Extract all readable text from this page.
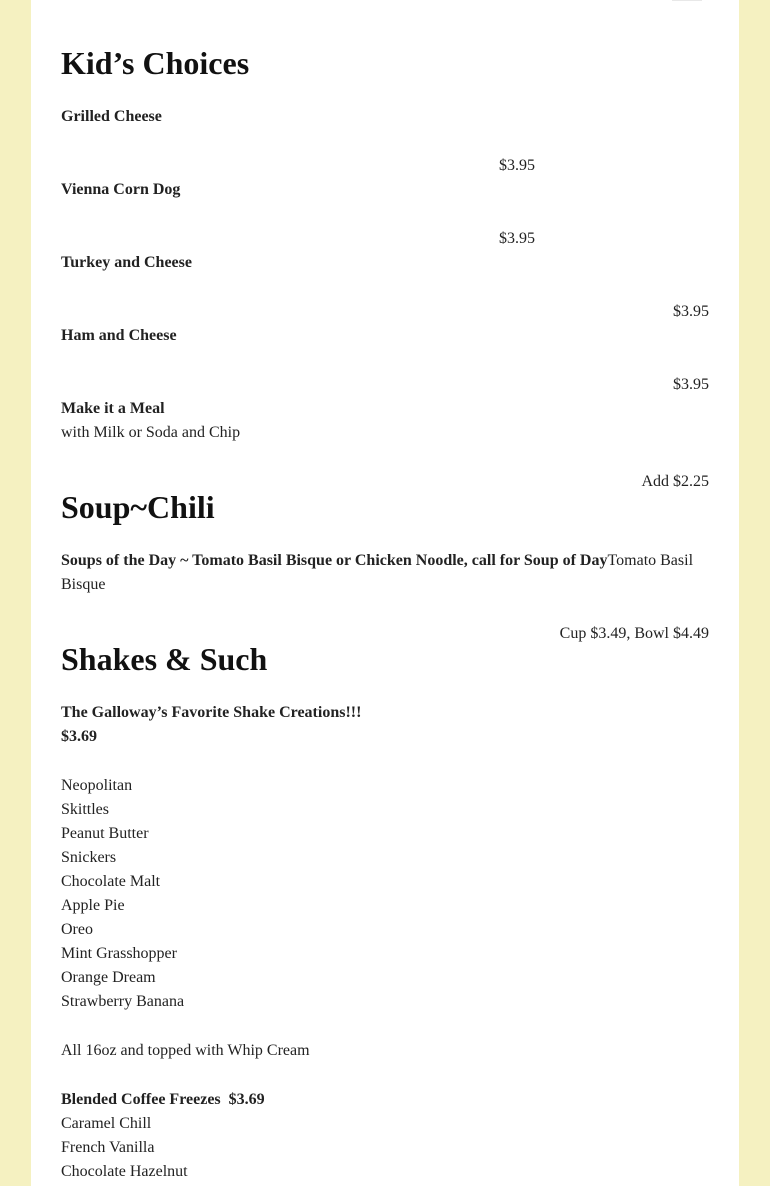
Kid’s Choices
Grilled Cheese
$3.95
Vienna Corn Dog
$3.95
Turkey and Cheese
$3.95
Ham and Cheese
$3.95
Make it a Meal
with Milk or Soda and Chip
Add $2.25
Soup~Chili
Soups of the Day ~ Tomato Basil Bisque or Chicken Noodle, call for Soup of DayTomato Basil Bisque
Cup $3.49, Bowl $4.49
Shakes & Such
The Galloway’s Favorite Shake Creations!!!
$3.69
Neopolitan
Skittles
Peanut Butter
Snickers
Chocolate Malt
Apple Pie
Oreo
Mint Grasshopper
Orange Dream
Strawberry Banana
All 16oz and topped with Whip Cream
Blended Coffee Freezes  $3.69
Caramel Chill
French Vanilla
Chocolate Hazelnut
